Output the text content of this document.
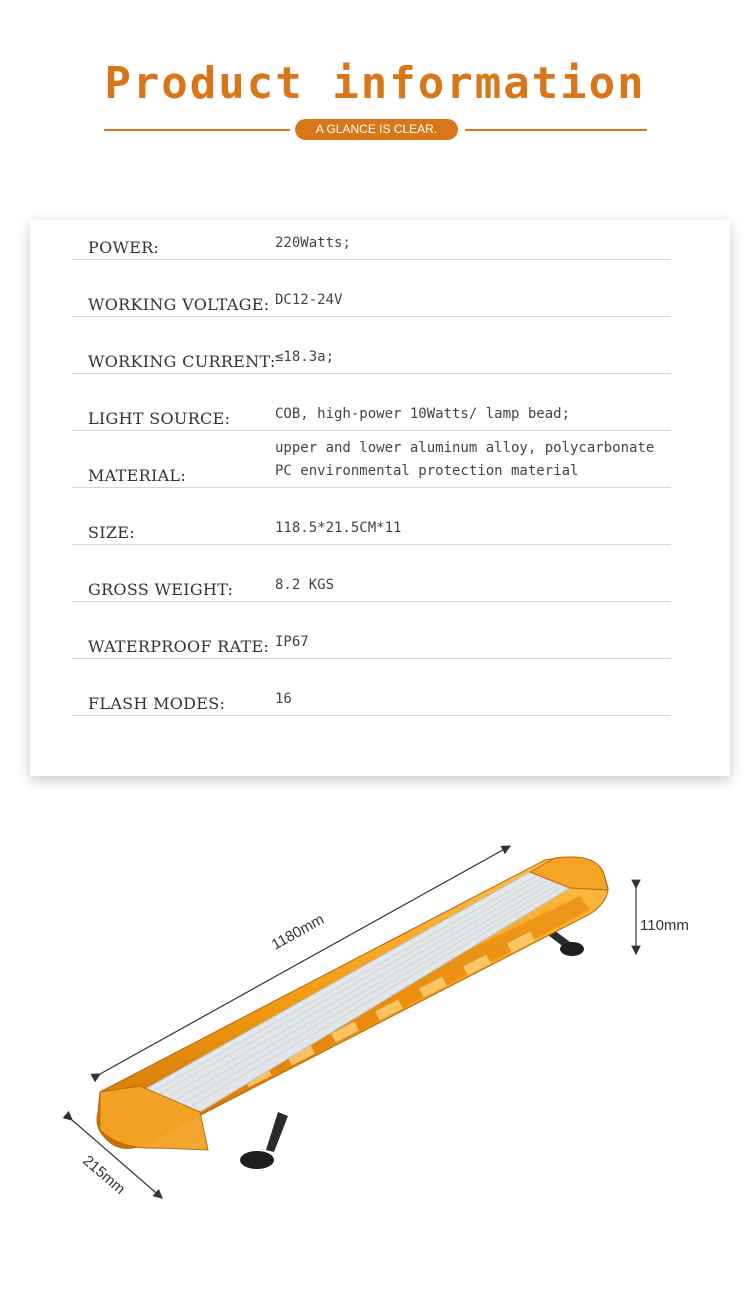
Product information
A GLANCE IS CLEAR.
POWER:	220Watts;
WORKING VOLTAGE: DC12-24V
WORKING CURRENT: ≤18.3a;
LIGHT SOURCE:	COB, high-power 10Watts/ lamp bead;
MATERIAL:
upper and lower aluminum alloy, polycarbonate
PC environmental protection material
SIZE:	118.5*21.5CM*11
GROSS WEIGHT:	8.2 KGS
WATERPROOF RATE: IP67
FLASH MODES:	16
1180mm	110mm
215mm
